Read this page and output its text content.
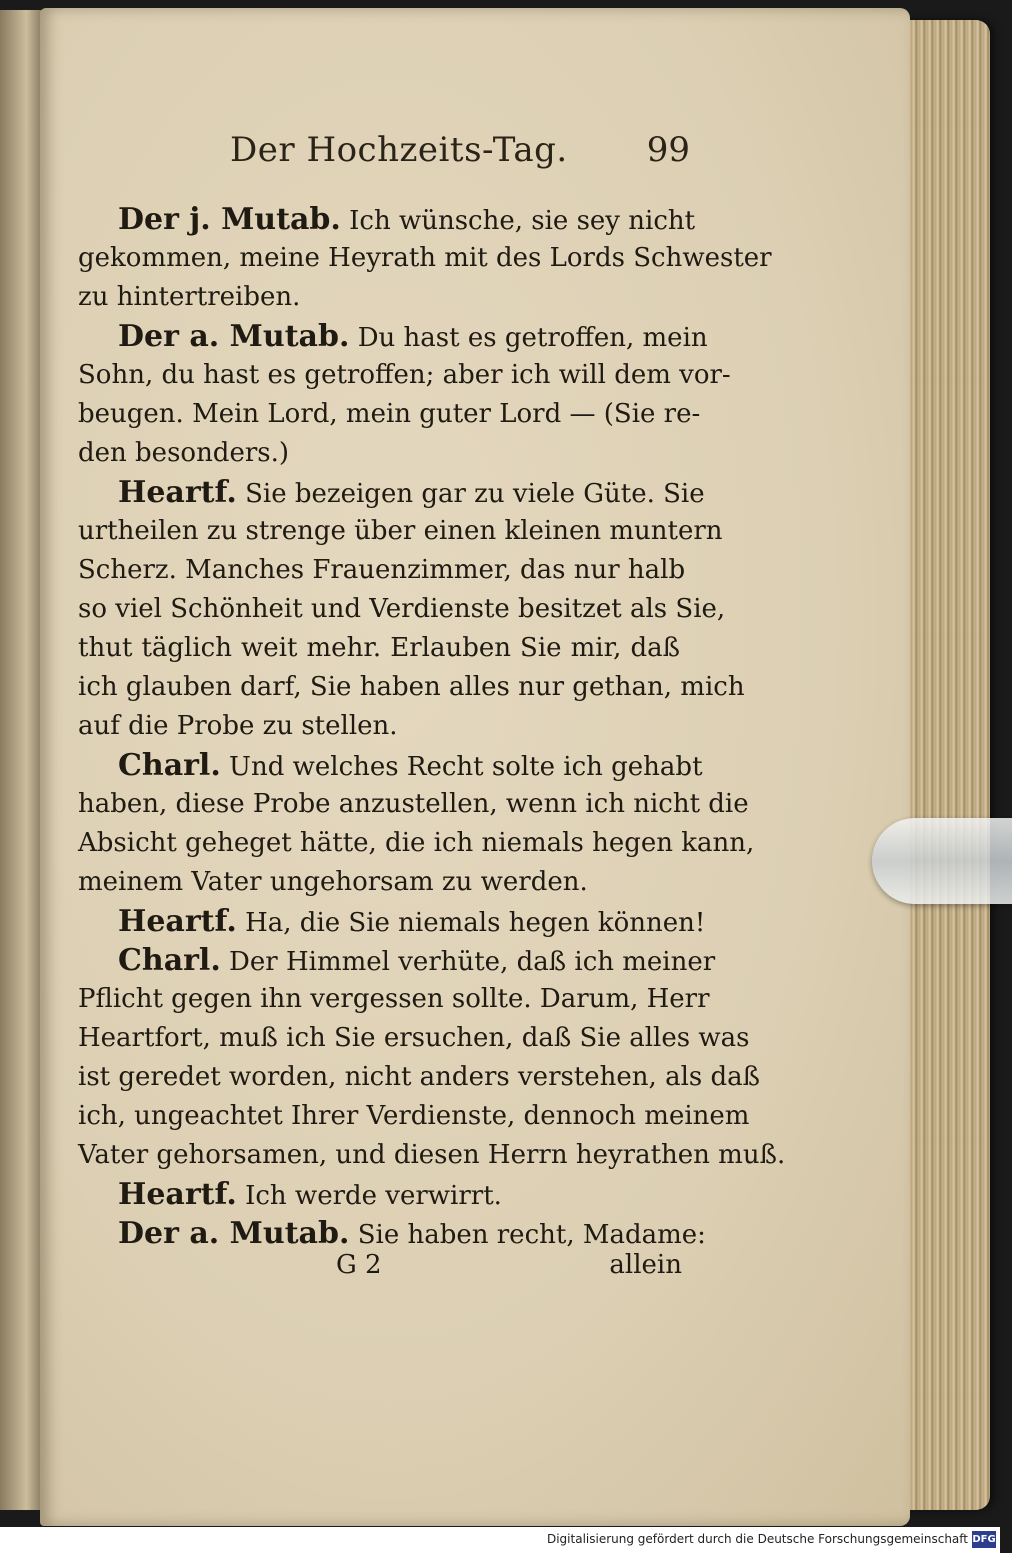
Der Hochzeits-Tag. 99
Der j. Mutab. Ich wünsche, sie sey nicht
gekommen, meine Heyrath mit des Lords Schwester
zu hintertreiben.
Der a. Mutab. Du hast es getroffen, mein
Sohn, du hast es getroffen; aber ich will dem vor-
beugen. Mein Lord, mein guter Lord — (Sie re-
den besonders.)
Heartf. Sie bezeigen gar zu viele Güte. Sie
urtheilen zu strenge über einen kleinen muntern
Scherz. Manches Frauenzimmer, das nur halb
so viel Schönheit und Verdienste besitzet als Sie,
thut täglich weit mehr. Erlauben Sie mir, daß
ich glauben darf, Sie haben alles nur gethan, mich
auf die Probe zu stellen.
Charl. Und welches Recht solte ich gehabt
haben, diese Probe anzustellen, wenn ich nicht die
Absicht geheget hätte, die ich niemals hegen kann,
meinem Vater ungehorsam zu werden.
Heartf. Ha, die Sie niemals hegen können!
Charl. Der Himmel verhüte, daß ich meiner
Pflicht gegen ihn vergessen sollte. Darum, Herr
Heartfort, muß ich Sie ersuchen, daß Sie alles was
ist geredet worden, nicht anders verstehen, als daß
ich, ungeachtet Ihrer Verdienste, dennoch meinem
Vater gehorsamen, und diesen Herrn heyrathen muß.
Heartf. Ich werde verwirrt.
Der a. Mutab. Sie haben recht, Madame:
G 2	allein
Digitalisierung gefördert durch die Deutsche Forschungsgemeinschaft DFG
